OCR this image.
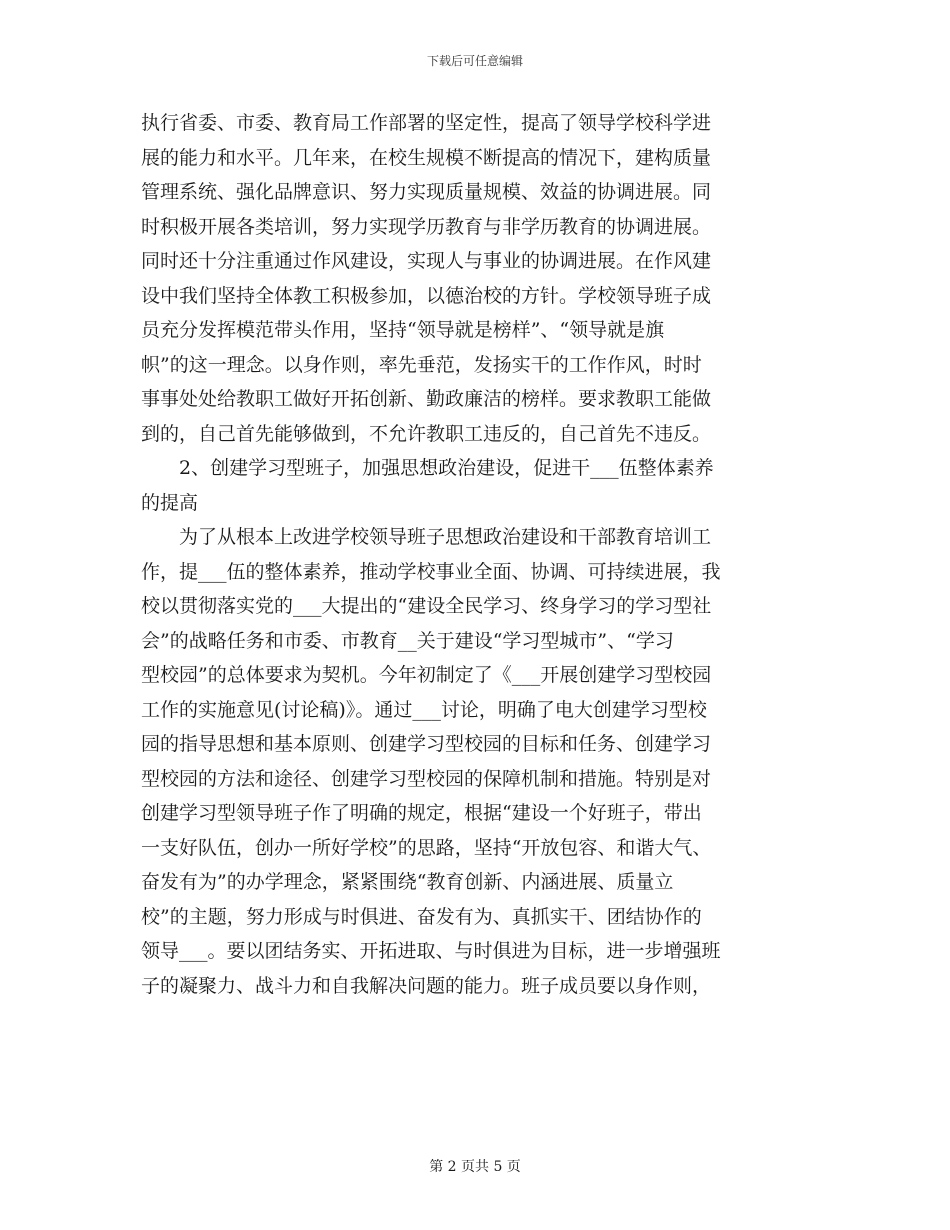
下载后可任意编辑
执行省委、市委、教育局工作部署的坚定性，提高了领导学校科学进
展的能力和水平。几年来，在校生规模不断提高的情况下，建构质量
管理系统、强化品牌意识、努力实现质量规模、效益的协调进展。同
时积极开展各类培训，努力实现学历教育与非学历教育的协调进展。
同时还十分注重通过作风建设，实现人与事业的协调进展。在作风建
设中我们坚持全体教工积极参加，以德治校的方针。学校领导班子成
员充分发挥模范带头作用，坚持“领导就是榜样”、“领导就是旗
帜”的这一理念。以身作则，率先垂范，发扬实干的工作作风，时时
事事处处给教职工做好开拓创新、勤政廉洁的榜样。要求教职工能做
到的，自己首先能够做到，不允许教职工违反的，自己首先不违反。
　　2、创建学习型班子，加强思想政治建设，促进干___伍整体素养
的提高
　　为了从根本上改进学校领导班子思想政治建设和干部教育培训工
作，提___伍的整体素养，推动学校事业全面、协调、可持续进展，我
校以贯彻落实党的___大提出的“建设全民学习、终身学习的学习型社
会”的战略任务和市委、市教育__关于建设“学习型城市”、“学习
型校园”的总体要求为契机。今年初制定了《___开展创建学习型校园
工作的实施意见(讨论稿)》。通过___讨论，明确了电大创建学习型校
园的指导思想和基本原则、创建学习型校园的目标和任务、创建学习
型校园的方法和途径、创建学习型校园的保障机制和措施。特别是对
创建学习型领导班子作了明确的规定，根据“建设一个好班子，带出
一支好队伍，创办一所好学校”的思路，坚持“开放包容、和谐大气、
奋发有为”的办学理念，紧紧围绕“教育创新、内涵进展、质量立
校”的主题，努力形成与时俱进、奋发有为、真抓实干、团结协作的
领导___。要以团结务实、开拓进取、与时俱进为目标，进一步增强班
子的凝聚力、战斗力和自我解决问题的能力。班子成员要以身作则，
第 2 页共 5 页
